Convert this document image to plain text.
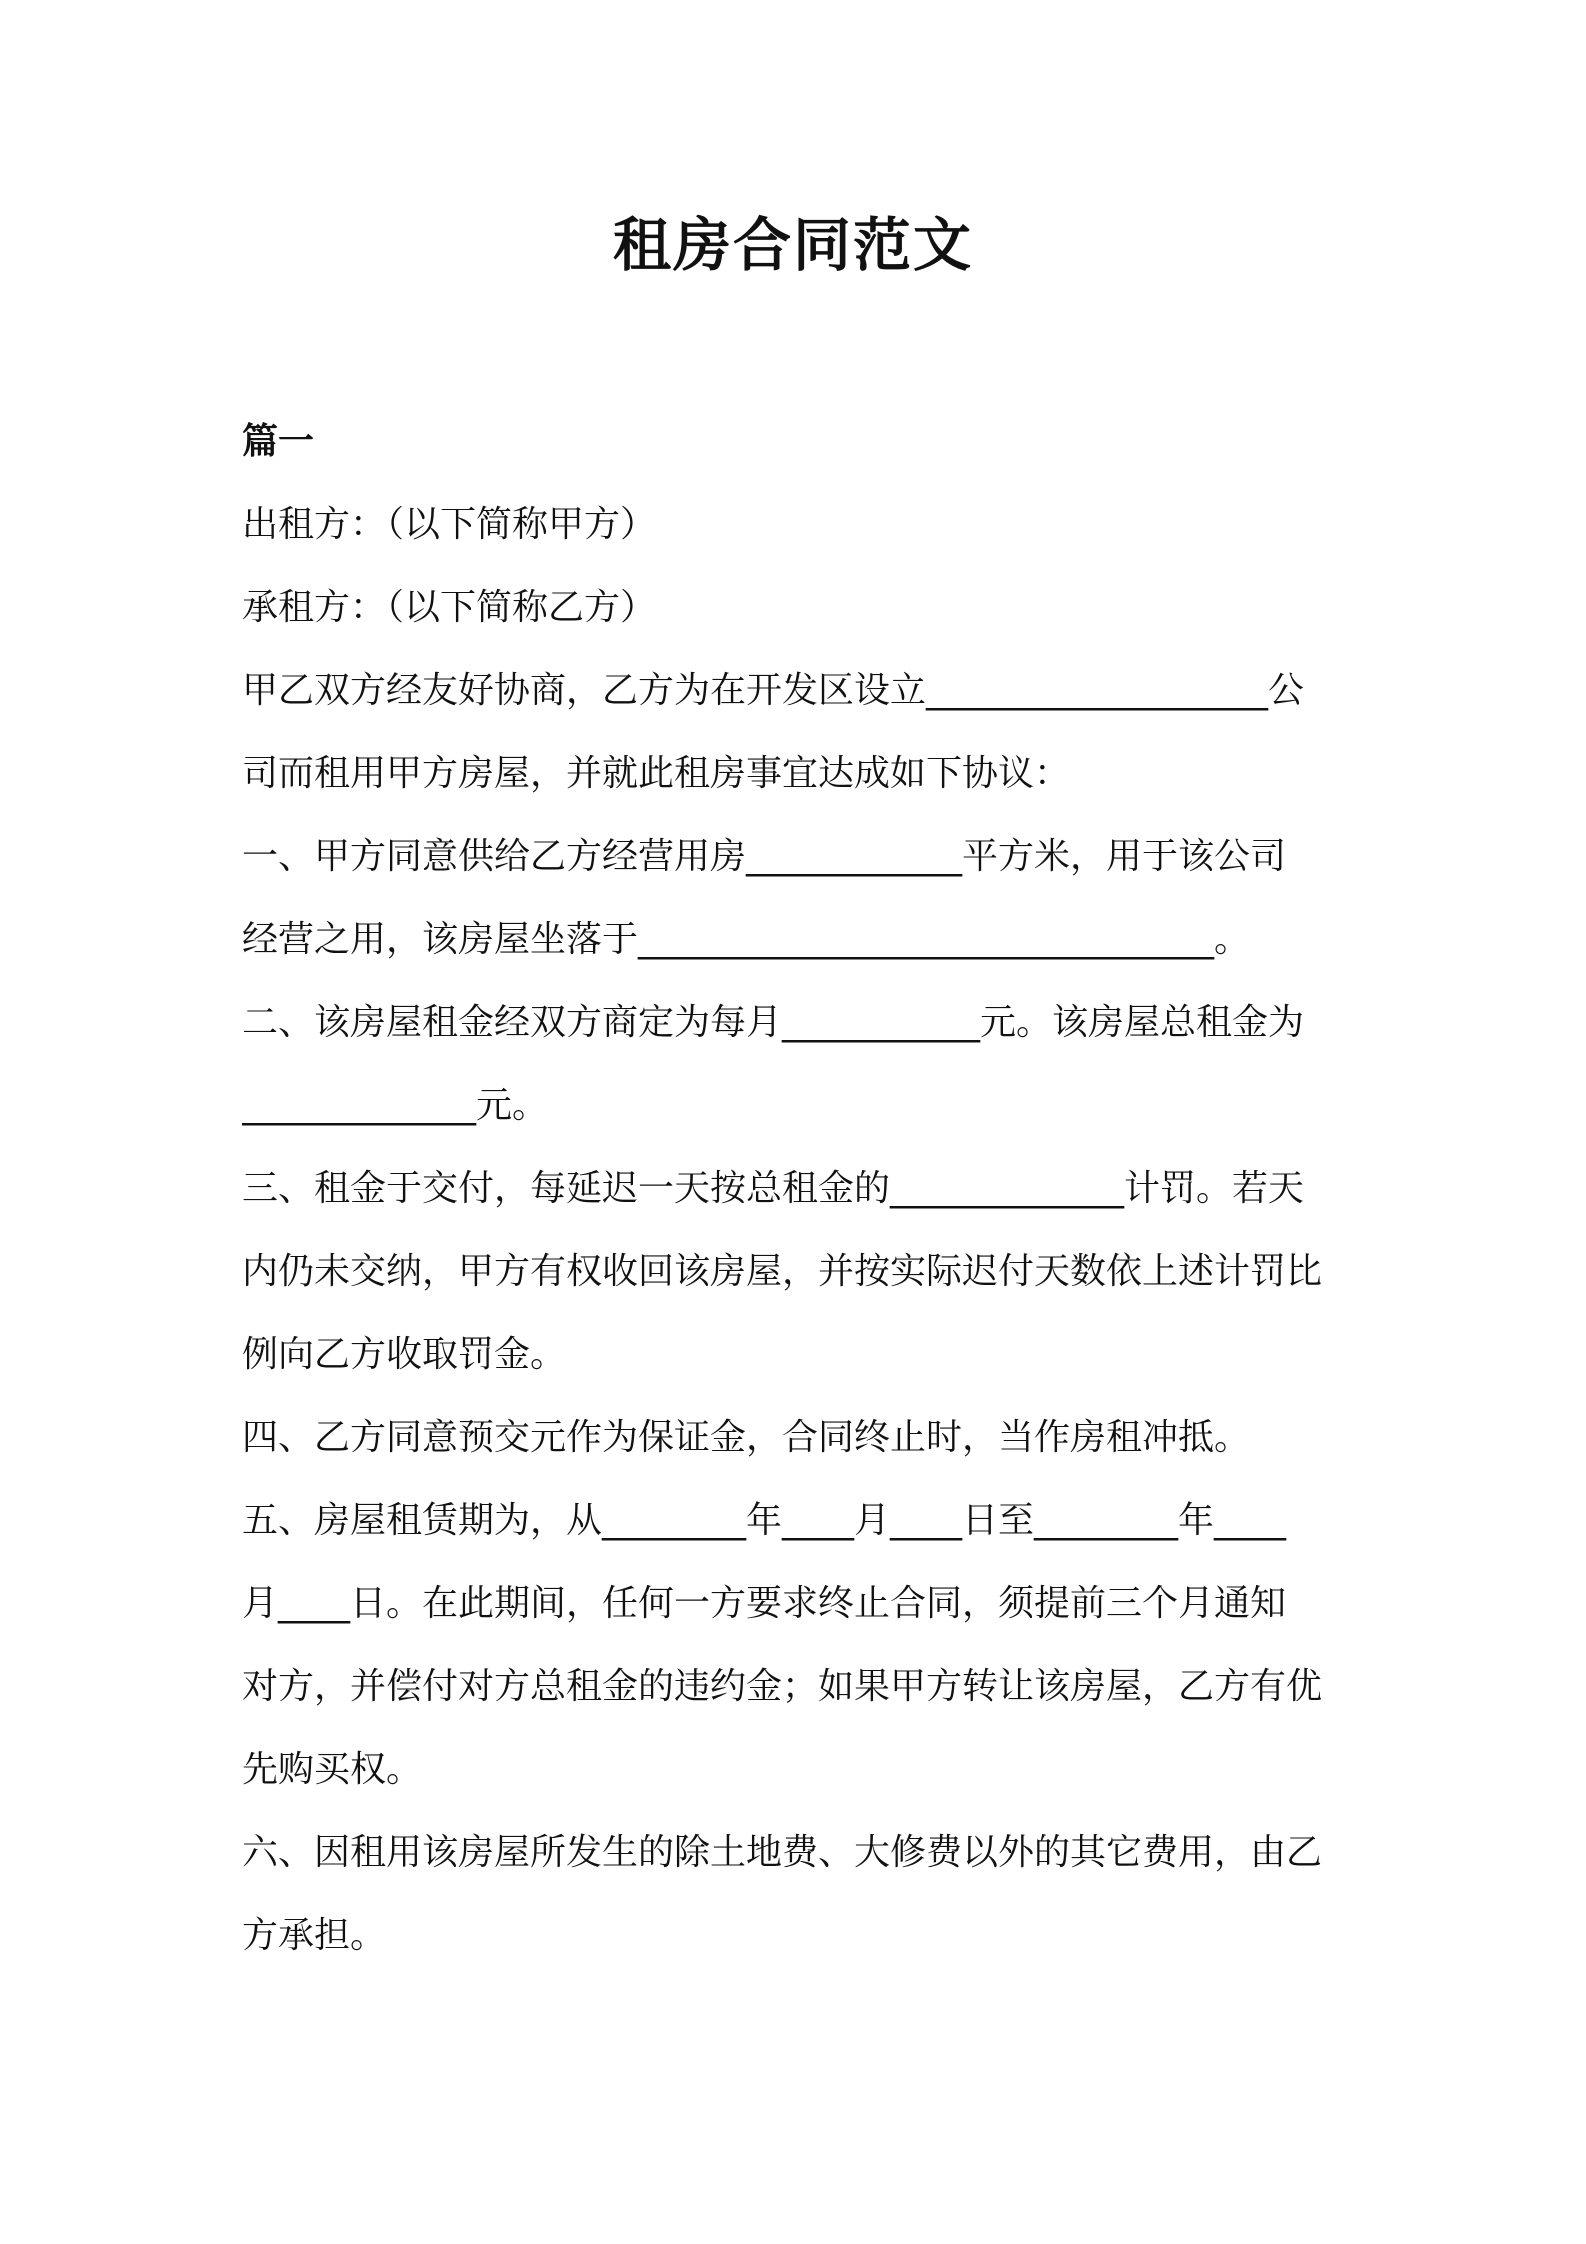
租房合同范文
篇一
出租方：（以下简称甲方）
承租方：（以下简称乙方）
甲乙双方经友好协商，乙方为在开发区设立___________________公
司而租用甲方房屋，并就此租房事宜达成如下协议：
一、甲方同意供给乙方经营用房____________平方米，用于该公司
经营之用，该房屋坐落于________________________________。
二、该房屋租金经双方商定为每月___________元。该房屋总租金为
_____________元。
三、租金于交付，每延迟一天按总租金的_____________计罚。若天
内仍未交纳，甲方有权收回该房屋，并按实际迟付天数依上述计罚比
例向乙方收取罚金。
四、乙方同意预交元作为保证金，合同终止时，当作房租冲抵。
五、房屋租赁期为，从________年____月____日至________年____
月____日。在此期间，任何一方要求终止合同，须提前三个月通知
对方，并偿付对方总租金的违约金；如果甲方转让该房屋，乙方有优
先购买权。
六、因租用该房屋所发生的除土地费、大修费以外的其它费用，由乙
方承担。
